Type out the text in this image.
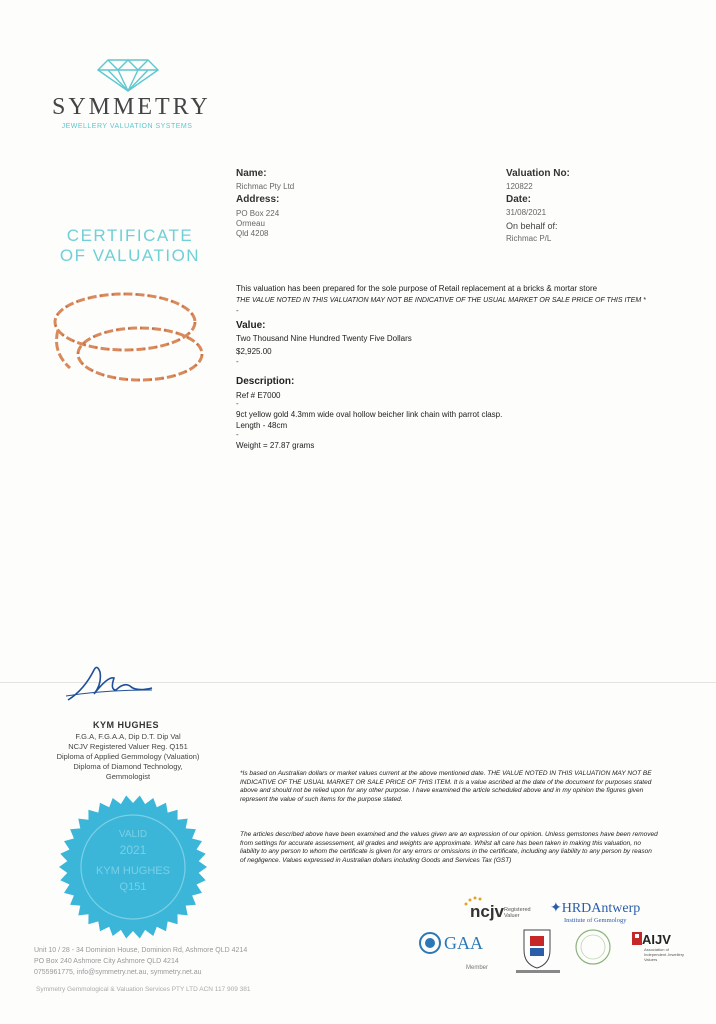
SYMMETRY
JEWELLERY VALUATION SYSTEMS
CERTIFICATE
OF VALUATION
Name:
Richmac Pty Ltd
Address:
PO Box 224
Ormeau
Qld 4208
Valuation No:
120822
Date:
31/08/2021
On behalf of:
Richmac P/L
This valuation has been prepared for the sole purpose of Retail replacement at a bricks & mortar store
THE VALUE NOTED IN THIS VALUATION MAY NOT BE INDICATIVE OF THE USUAL MARKET OR SALE PRICE OF THIS ITEM *
-
Value:
Two Thousand Nine Hundred Twenty Five Dollars
$2,925.00
-
Description:
Ref # E7000
-
9ct yellow gold 4.3mm wide oval hollow beicher link chain with parrot clasp.
Length - 48cm
-
Weight = 27.87 grams
KYM HUGHES
F.G.A, F.G.A.A, Dip D.T. Dip Val
NCJV Registered Valuer Reg. Q151
Diploma of Applied Gemmology (Valuation)
Diploma of Diamond Technology,
Gemmologist
VALID
2021
KYM HUGHES
Q151
*Is based on Australian dollars or market values current at the above mentioned date. THE VALUE NOTED IN THIS VALUATION MAY NOT BE INDICATIVE OF THE USUAL MARKET OR SALE PRICE OF THIS ITEM. It is a value ascribed at the date of the document for purposes stated above and should not be relied upon for any other purpose. I have examined the article scheduled above and in my opinion the figures given represent the value of such items for the purpose stated.
The articles described above have been examined and the values given are an expression of our opinion. Unless gemstones have been removed from settings for accurate assessement, all grades and weights are approximate. Whilst all care has been taken in making this valuation, no liability to any person to whom the certificate is given for any errors or omissions in the certificate, including any liability to any person by reason of negligence. Values expressed in Australian dollars including Goods and Services Tax (GST)
ncjv Registered
Valuer	✦HRDAntwerp
Institute of Gemmology
GAA
Member
AIJV
Association of Independent Jewellery Valuers
Unit 10 / 28 - 34 Dominion House, Dominion Rd, Ashmore QLD 4214
PO Box 240 Ashmore City Ashmore QLD 4214
0755961775, info@symmetry.net.au, symmetry.net.au
Symmetry Gemmological & Valuation Services PTY LTD ACN 117 909 381
